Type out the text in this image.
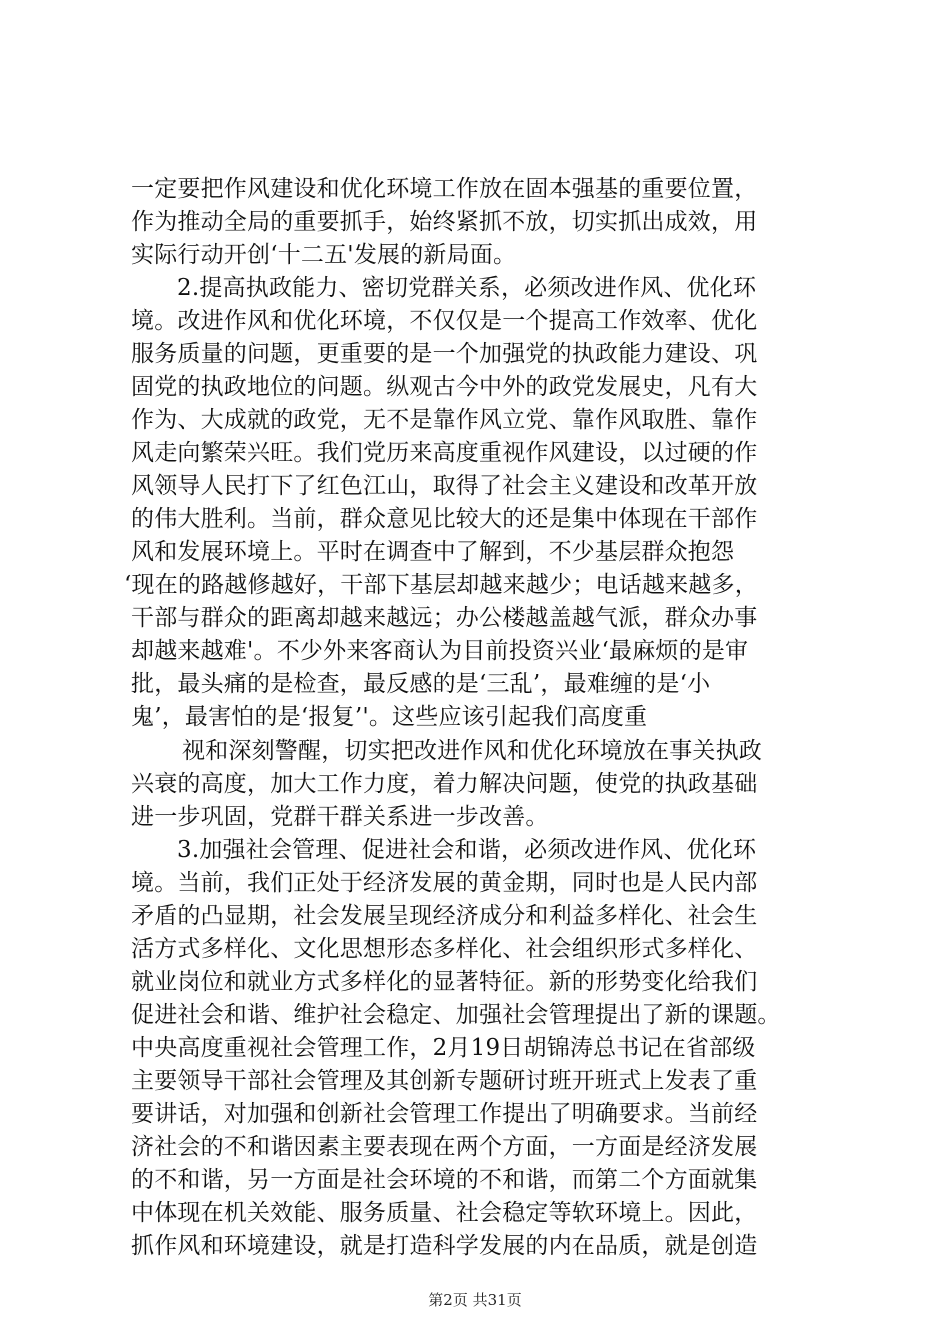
一定要把作风建设和优化环境工作放在固本强基的重要位置，
作为推动全局的重要抓手，始终紧抓不放，切实抓出成效，用
实际行动开创‘十二五'发展的新局面。
2.提高执政能力、密切党群关系，必须改进作风、优化环
境。改进作风和优化环境，不仅仅是一个提高工作效率、优化
服务质量的问题，更重要的是一个加强党的执政能力建设、巩
固党的执政地位的问题。纵观古今中外的政党发展史，凡有大
作为、大成就的政党，无不是靠作风立党、靠作风取胜、靠作
风走向繁荣兴旺。我们党历来高度重视作风建设，以过硬的作
风领导人民打下了红色江山，取得了社会主义建设和改革开放
的伟大胜利。当前，群众意见比较大的还是集中体现在干部作
风和发展环境上。平时在调查中了解到，不少基层群众抱怨
‘现在的路越修越好，干部下基层却越来越少；电话越来越多，
干部与群众的距离却越来越远；办公楼越盖越气派，群众办事
却越来越难'。不少外来客商认为目前投资兴业‘最麻烦的是审
批，最头痛的是检查，最反感的是‘三乱’，最难缠的是‘小
鬼’，最害怕的是‘报复’'。这些应该引起我们高度重
视和深刻警醒，切实把改进作风和优化环境放在事关执政
兴衰的高度，加大工作力度，着力解决问题，使党的执政基础
进一步巩固，党群干群关系进一步改善。
3.加强社会管理、促进社会和谐，必须改进作风、优化环
境。当前，我们正处于经济发展的黄金期，同时也是人民内部
矛盾的凸显期，社会发展呈现经济成分和利益多样化、社会生
活方式多样化、文化思想形态多样化、社会组织形式多样化、
就业岗位和就业方式多样化的显著特征。新的形势变化给我们
促进社会和谐、维护社会稳定、加强社会管理提出了新的课题。
中央高度重视社会管理工作，2月19日胡锦涛总书记在省部级
主要领导干部社会管理及其创新专题研讨班开班式上发表了重
要讲话，对加强和创新社会管理工作提出了明确要求。当前经
济社会的不和谐因素主要表现在两个方面，一方面是经济发展
的不和谐，另一方面是社会环境的不和谐，而第二个方面就集
中体现在机关效能、服务质量、社会稳定等软环境上。因此，
抓作风和环境建设，就是打造科学发展的内在品质，就是创造
第2页 共31页
